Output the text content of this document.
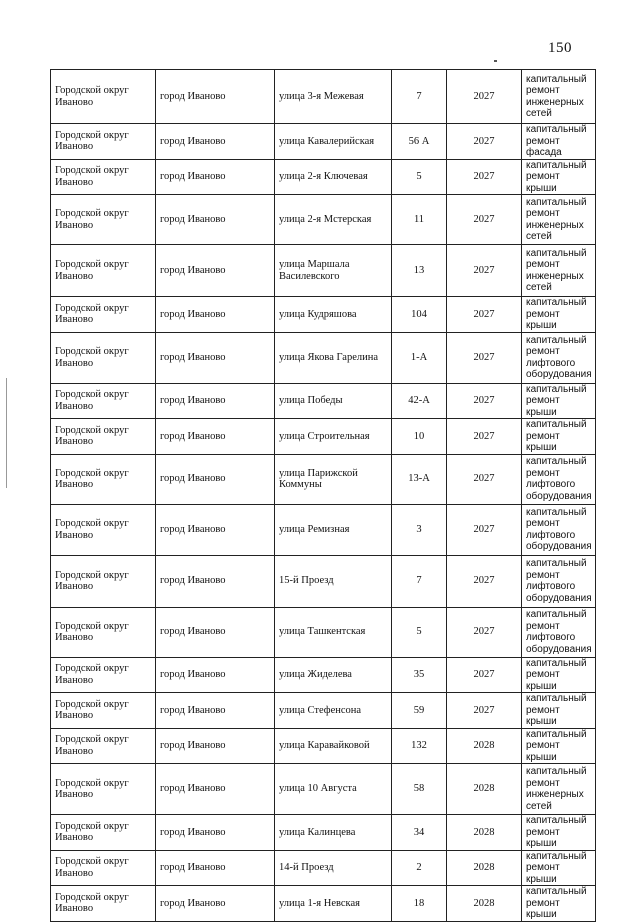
150
Городской округ Иваново	город Иваново	улица 3-я Межевая	7	2027	капитальный ремонт инженерных сетей
Городской округ Иваново	город Иваново	улица Кавалерийская	56 А	2027	капитальный ремонт фасада
Городской округ Иваново	город Иваново	улица 2-я Ключевая	5	2027	капитальный ремонт крыши
Городской округ Иваново	город Иваново	улица 2-я Мстерская	11	2027	капитальный ремонт инженерных сетей
Городской округ Иваново	город Иваново	улица Маршала Василевского	13	2027	капитальный ремонт инженерных сетей
Городской округ Иваново	город Иваново	улица Кудряшова	104	2027	капитальный ремонт крыши
Городской округ Иваново	город Иваново	улица Якова Гарелина	1-А	2027	капитальный ремонт лифтового оборудования
Городской округ Иваново	город Иваново	улица Победы	42-А	2027	капитальный ремонт крыши
Городской округ Иваново	город Иваново	улица Строительная	10	2027	капитальный ремонт крыши
Городской округ Иваново	город Иваново	улица Парижской Коммуны	13-А	2027	капитальный ремонт лифтового оборудования
Городской округ Иваново	город Иваново	улица Ремизная	3	2027	капитальный ремонт лифтового оборудования
Городской округ Иваново	город Иваново	15-й Проезд	7	2027	капитальный ремонт лифтового оборудования
Городской округ Иваново	город Иваново	улица Ташкентская	5	2027	капитальный ремонт лифтового оборудования
Городской округ Иваново	город Иваново	улица Жиделева	35	2027	капитальный ремонт крыши
Городской округ Иваново	город Иваново	улица Стефенсона	59	2027	капитальный ремонт крыши
Городской округ Иваново	город Иваново	улица Каравайковой	132	2028	капитальный ремонт крыши
Городской округ Иваново	город Иваново	улица 10 Августа	58	2028	капитальный ремонт инженерных сетей
Городской округ Иваново	город Иваново	улица Калинцева	34	2028	капитальный ремонт крыши
Городской округ Иваново	город Иваново	14-й Проезд	2	2028	капитальный ремонт крыши
Городской округ Иваново	город Иваново	улица 1-я Невская	18	2028	капитальный ремонт крыши
